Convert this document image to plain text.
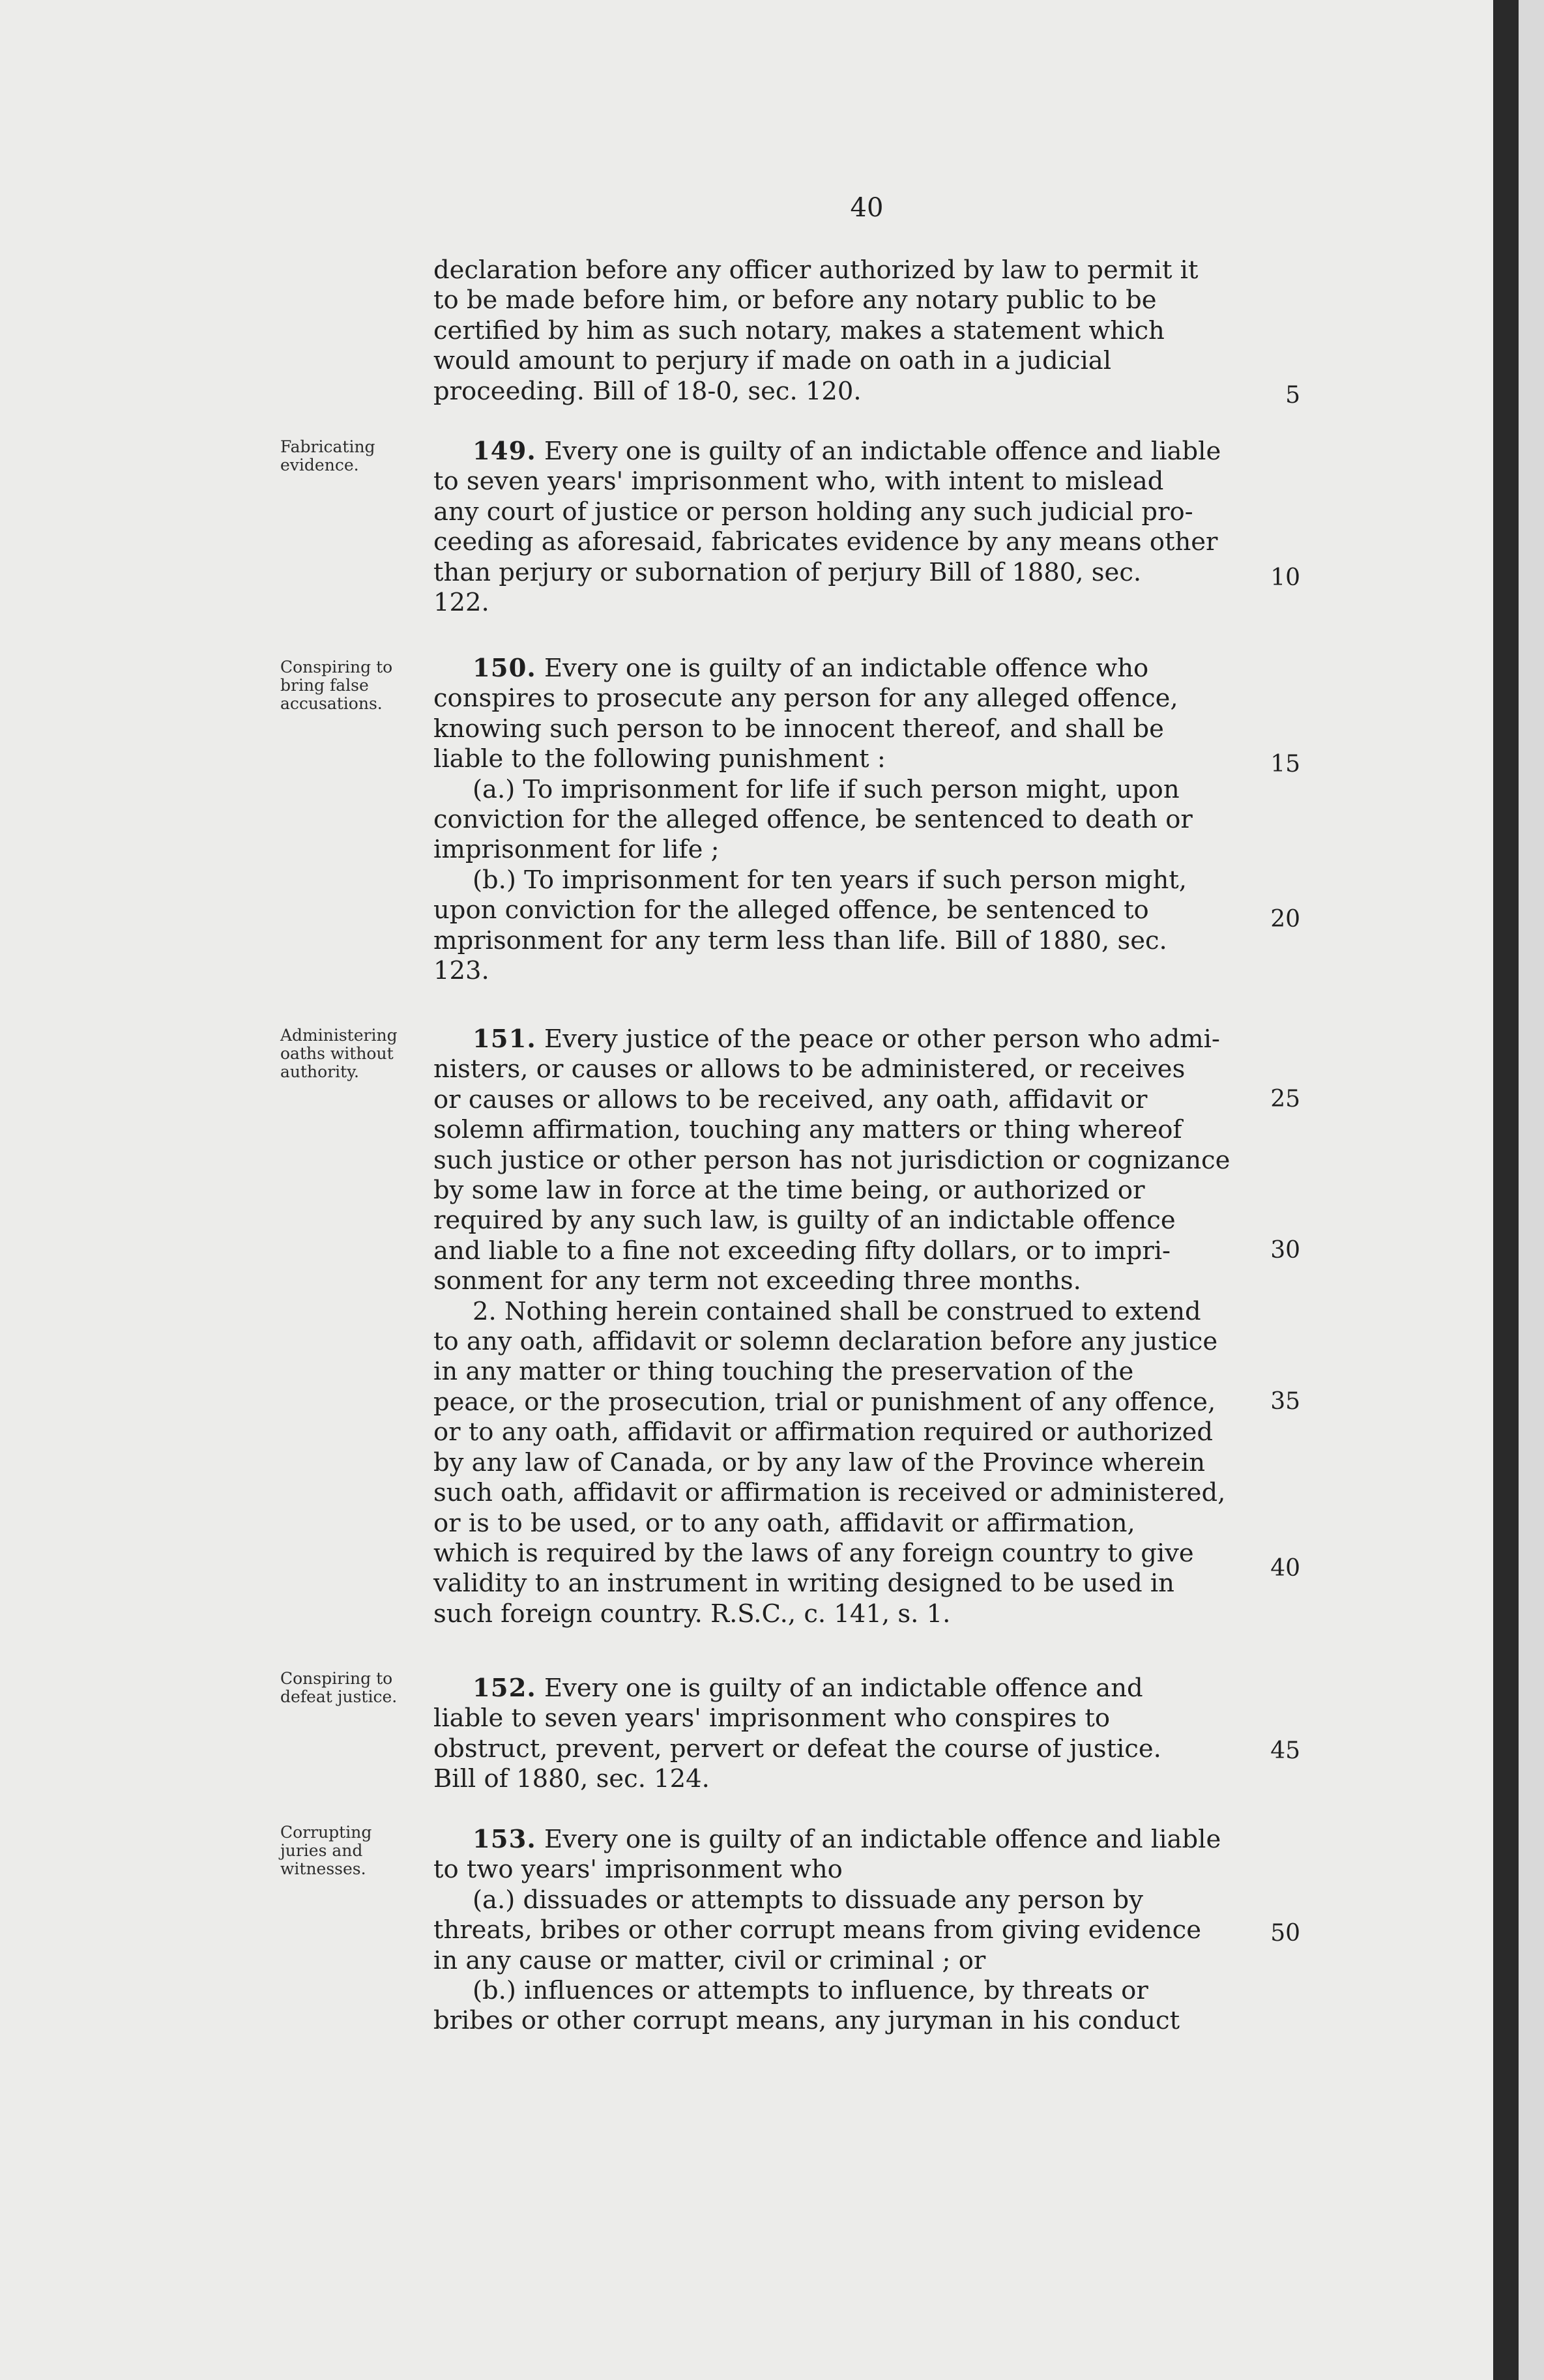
40

declaration before any officer authorized by law to permit it

to be made before him, or before any notary public to be

certified by him as such notary, makes a statement which

would amount to perjury if made on oath in a judicial

proceeding. Bill of 18-0, sec. 120.

Fabricating evidence.	149. Every one is guilty of an indictable offence and liable

to seven years' imprisonment who, with intent to mislead

any court of justice or person holding any such judicial pro-

ceeding as aforesaid, fabricates evidence by any means other

than perjury or subornation of perjury Bill of 1880, sec.

122.

Conspiring to bring false accusations.

150. Every one is guilty of an indictable offence who

conspires to prosecute any person for any alleged offence,

knowing such person to be innocent thereof, and shall be

liable to the following punishment :

(a.) To imprisonment for life if such person might, upon

conviction for the alleged offence, be sentenced to death or

imprisonment for life ;

(b.) To imprisonment for ten years if such person might,

upon conviction for the alleged offence, be sentenced to

mprisonment for any term less than life. Bill of 1880, sec.

123.

Administering oaths without authority.

151. Every justice of the peace or other person who admi-

nisters, or causes or allows to be administered, or receives

or causes or allows to be received, any oath, affidavit or

solemn affirmation, touching any matters or thing whereof

such justice or other person has not jurisdiction or cognizance

by some law in force at the time being, or authorized or

required by any such law, is guilty of an indictable offence

and liable to a fine not exceeding fifty dollars, or to impri-

sonment for any term not exceeding three months.

2. Nothing herein contained shall be construed to extend

to any oath, affidavit or solemn declaration before any justice

in any matter or thing touching the preservation of the

peace, or the prosecution, trial or punishment of any offence,

or to any oath, affidavit or affirmation required or authorized

by any law of Canada, or by any law of the Province wherein

such oath, affidavit or affirmation is received or administered,

or is to be used, or to any oath, affidavit or affirmation,

which is required by the laws of any foreign country to give

validity to an instrument in writing designed to be used in

such foreign country. R.S.C., c. 141, s. 1.

Conspiring to defeat justice.	152. Every one is guilty of an indictable offence and

liable to seven years' imprisonment who conspires to

obstruct, prevent, pervert or defeat the course of justice.

Bill of 1880, sec. 124.

Corrupting juries and witnesses.

153. Every one is guilty of an indictable offence and liable

to two years' imprisonment who

(a.) dissuades or attempts to dissuade any person by

threats, bribes or other corrupt means from giving evidence

in any cause or matter, civil or criminal ; or

(b.) influences or attempts to influence, by threats or

bribes or other corrupt means, any juryman in his conduct

5
10
15
20
25
30
35
40
45
50
